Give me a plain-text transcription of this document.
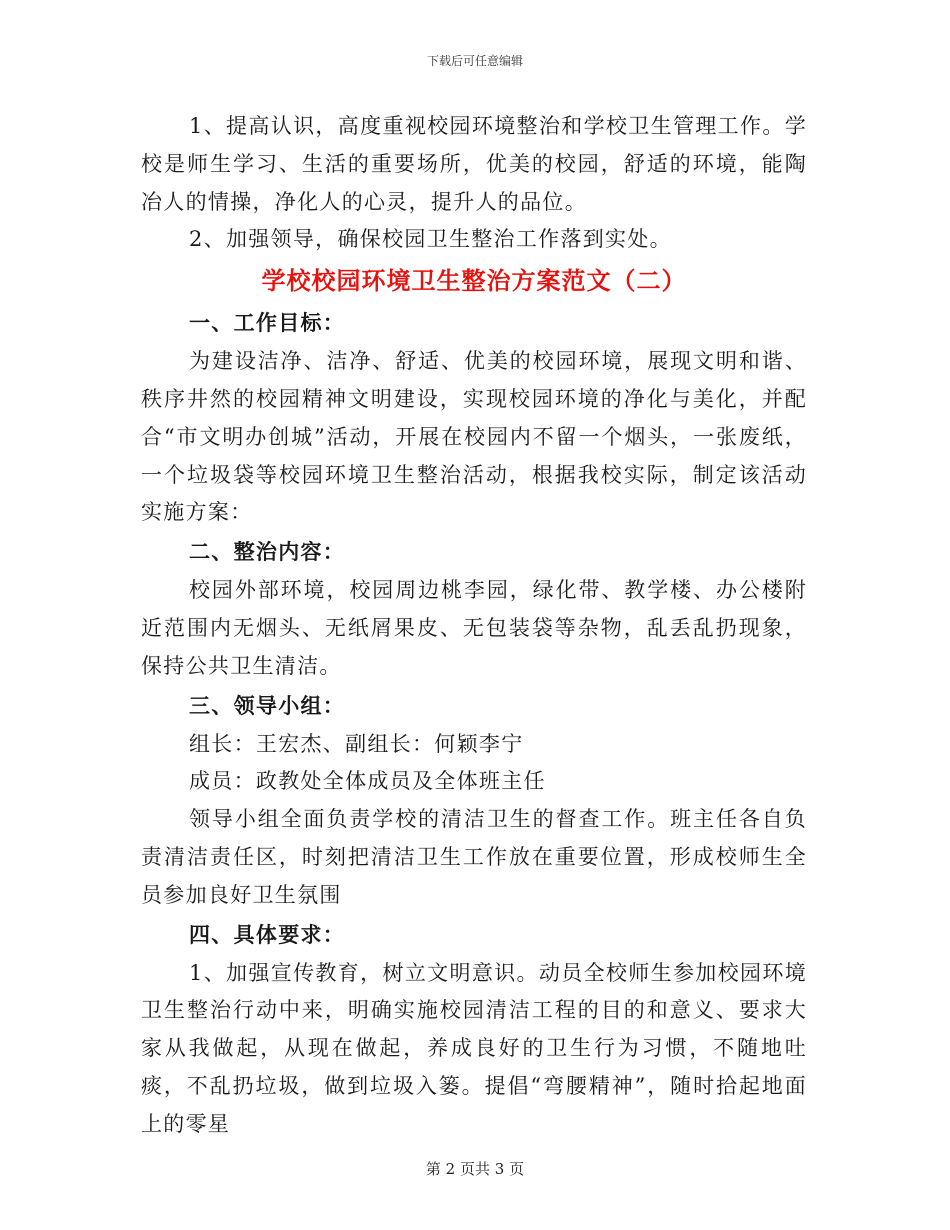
下载后可任意编辑

1、提高认识，高度重视校园环境整治和学校卫生管理工作。学校是师生学习、生活的重要场所，优美的校园，舒适的环境，能陶冶人的情操，净化人的心灵，提升人的品位。

2、加强领导，确保校园卫生整治工作落到实处。

学校校园环境卫生整治方案范文（二）

一、工作目标：

为建设洁净、洁净、舒适、优美的校园环境，展现文明和谐、秩序井然的校园精神文明建设，实现校园环境的净化与美化，并配合“市文明办创城”活动，开展在校园内不留一个烟头，一张废纸，一个垃圾袋等校园环境卫生整治活动，根据我校实际，制定该活动实施方案：

二、整治内容：

校园外部环境，校园周边桃李园，绿化带、教学楼、办公楼附近范围内无烟头、无纸屑果皮、无包装袋等杂物，乱丢乱扔现象，保持公共卫生清洁。

三、领导小组：

组长：王宏杰、副组长：何颖李宁

成员：政教处全体成员及全体班主任

领导小组全面负责学校的清洁卫生的督查工作。班主任各自负责清洁责任区，时刻把清洁卫生工作放在重要位置，形成校师生全员参加良好卫生氛围

四、具体要求：

1、加强宣传教育，树立文明意识。动员全校师生参加校园环境卫生整治行动中来，明确实施校园清洁工程的目的和意义、要求大家从我做起，从现在做起，养成良好的卫生行为习惯，不随地吐痰，不乱扔垃圾，做到垃圾入篓。提倡“弯腰精神”，随时拾起地面上的零星

第 2 页共 3 页
